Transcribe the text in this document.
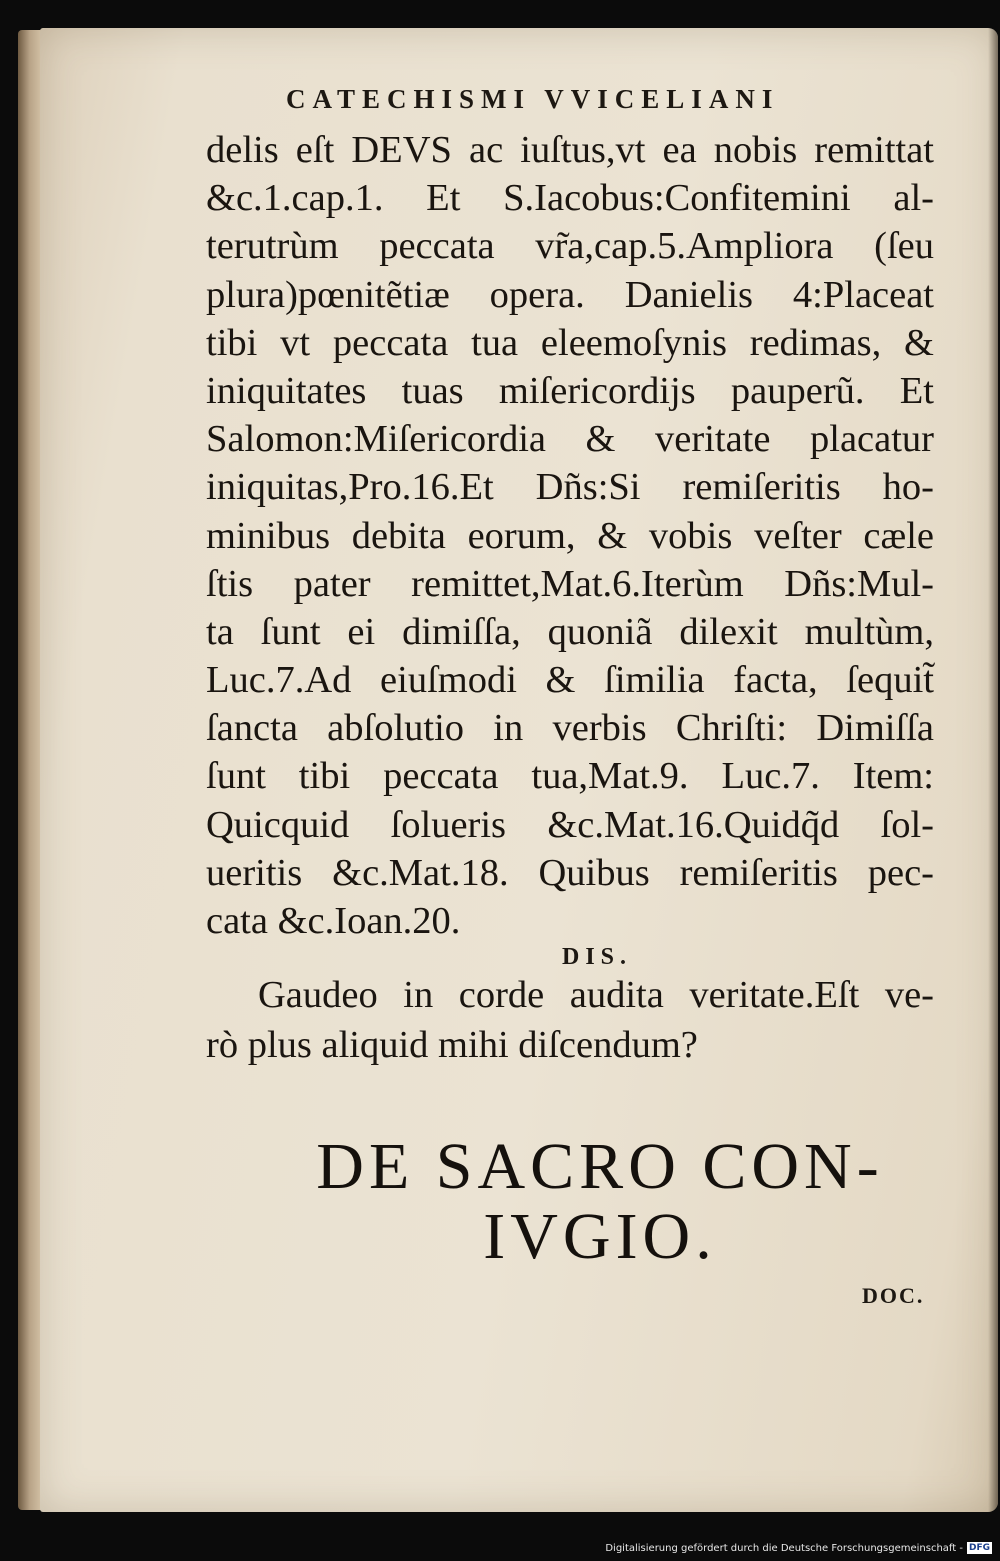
CATECHISMI VVICELIANI
delis eſt DEVS ac iuſtus,vt ea nobis remittat
&c.1.cap.1. Et S.Iacobus:Confitemini al-
terutrùm peccata vr̃a,cap.5.Ampliora (ſeu
plura)pœnitẽtiæ opera. Danielis 4:Placeat
tibi vt peccata tua eleemoſynis redimas, &
iniquitates tuas miſericordijs pauperũ. Et
Salomon:Miſericordia & veritate placatur
iniquitas,Pro.16.Et Dñs:Si remiſeritis ho-
minibus debita eorum, & vobis veſter cæle
ſtis pater remittet,Mat.6.Iterùm Dñs:Mul-
ta ſunt ei dimiſſa, quoniã dilexit multùm,
Luc.7.Ad eiuſmodi & ſimilia facta, ſequit̃
ſancta abſolutio in verbis Chriſti: Dimiſſa
ſunt tibi peccata tua,Mat.9. Luc.7. Item:
Quicquid ſolueris &c.Mat.16.Quidq̃d ſol-
ueritis &c.Mat.18. Quibus remiſeritis pec-
cata &c.Ioan.20.
DIS.
Gaudeo in corde audita veritate.Eſt ve-
rò plus aliquid mihi diſcendum?
DE SACRO CON-
IVGIO.
DOC.
Digitalisierung gefördert durch die Deutsche Forschungsgemeinschaft - DFG
